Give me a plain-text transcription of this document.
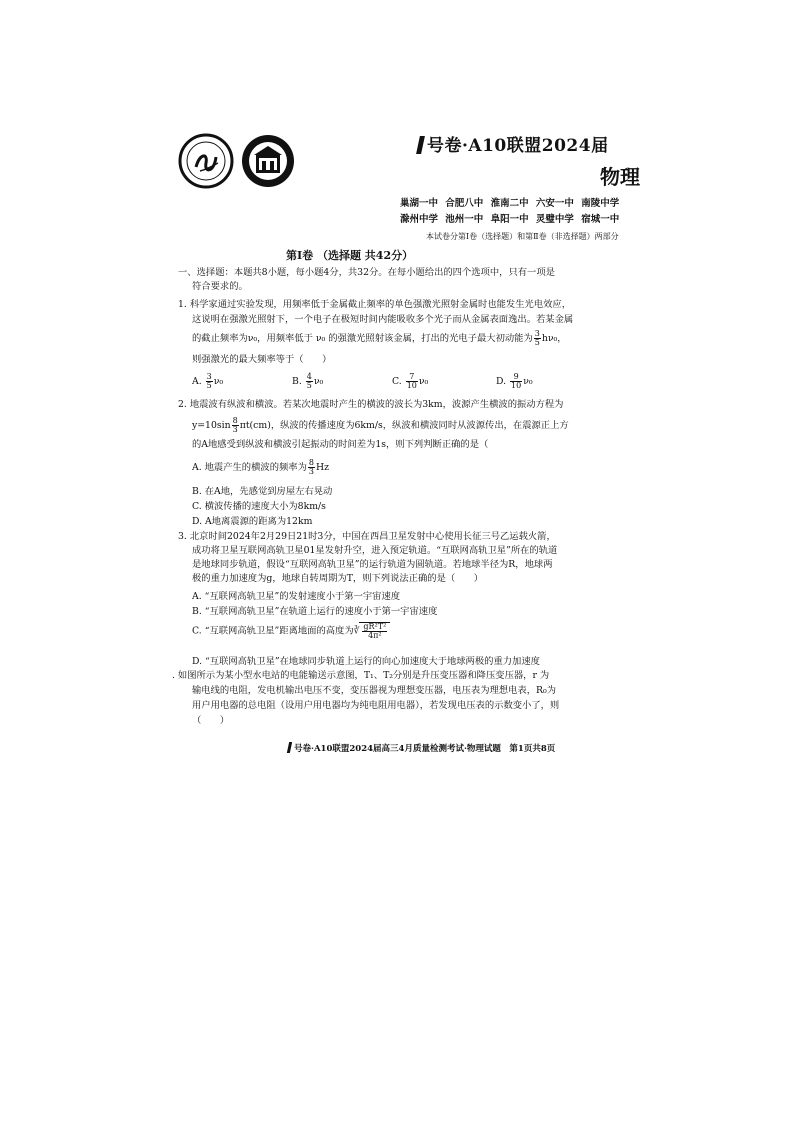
号卷·A10联盟2024届
物理
巢湖一中 合肥八中 淮南二中 六安一中 南陵中学
滁州中学 池州一中 阜阳一中 灵璧中学 宿城一中
本试卷分第Ⅰ卷（选择题）和第Ⅱ卷（非选择题）两部分
第Ⅰ卷 （选择题 共42分）
一、选择题：本题共8小题，每小题4分，共32分。在每小题给出的四个选项中，只有一项是
符合要求的。
1. 科学家通过实验发现，用频率低于金属截止频率的单色强激光照射金属时也能发生光电效应，
这说明在强激光照射下，一个电子在极短时间内能吸收多个光子而从金属表面逸出。若某金属
的截止频率为ν₀，用频率低于 ν₀ 的强激光照射该金属，打出的光电子最大初动能为 $\frac{3}{5} h\nu_0$，
则强激光的最大频率等于（　　）
A. $\frac{3}{5} \nu_0$	B. $\frac{4}{5} \nu_0$	C. $\frac{7}{10} \nu_0$	D. $\frac{9}{10} \nu_0$
2. 地震波有纵波和横波。若某次地震时产生的横波的波长为3km，波源产生横波的振动方程为
$y=10\sin \frac{8}{3} \pi t(cm)$，纵波的传播速度为6km/s，纵波和横波同时从波源传出，在震源正上方
的A地感受到纵波和横波引起振动的时间差为1s，则下列判断正确的是（
A. 地震产生的横波的频率为 $\frac{8}{3}$ Hz
B. 在A地，先感觉到房屋左右晃动
C. 横波传播的速度大小为8km/s
D. A地离震源的距离为12km
3. 北京时间2024年2月29日21时3分，中国在西昌卫星发射中心使用长征三号乙运载火箭，
成功将卫星互联网高轨卫星01星发射升空，进入预定轨道。“互联网高轨卫星”所在的轨道
是地球同步轨道，假设“互联网高轨卫星”的运行轨道为圆轨道。若地球半径为R，地球两
极的重力加速度为g，地球自转周期为T，则下列说法正确的是（　　）
A. “互联网高轨卫星”的发射速度小于第一宇宙速度
B. “互联网高轨卫星”在轨道上运行的速度小于第一宇宙速度
C. “互联网高轨卫星”距离地面的高度为∛ $\frac{\text{gR²T²}}{\text{4π²}}$
D. “互联网高轨卫星”在地球同步轨道上运行的向心加速度大于地球两极的重力加速度
. 如图所示为某小型水电站的电能输送示意图，T₁、T₂分别是升压变压器和降压变压器，r 为
输电线的电阻，发电机输出电压不变，变压器视为理想变压器，电压表为理想电表，R₀为
用户用电器的总电阻（设用户用电器均为纯电阻用电器），若发现电压表的示数变小了，则
（　　）
号卷·A10联盟2024届高三4月质量检测考试·物理试题　第1页共8页
